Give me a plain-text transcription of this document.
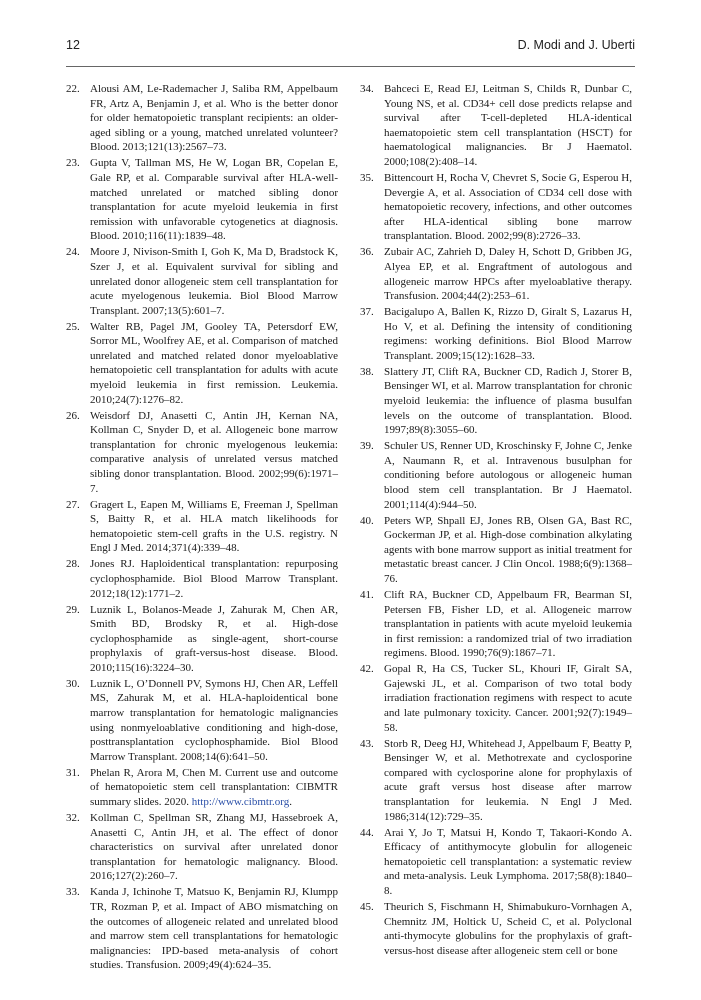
12	D. Modi and J. Uberti
22. Alousi AM, Le-Rademacher J, Saliba RM, Appelbaum FR, Artz A, Benjamin J, et al. Who is the better donor for older hematopoietic transplant recipients: an older-aged sibling or a young, matched unrelated volunteer? Blood. 2013;121(13):2567–73.
23. Gupta V, Tallman MS, He W, Logan BR, Copelan E, Gale RP, et al. Comparable survival after HLA-well-matched unrelated or matched sibling donor transplantation for acute myeloid leukemia in first remission with unfavorable cytogenetics at diagnosis. Blood. 2010;116(11):1839–48.
24. Moore J, Nivison-Smith I, Goh K, Ma D, Bradstock K, Szer J, et al. Equivalent survival for sibling and unrelated donor allogeneic stem cell transplantation for acute myelogenous leukemia. Biol Blood Marrow Transplant. 2007;13(5):601–7.
25. Walter RB, Pagel JM, Gooley TA, Petersdorf EW, Sorror ML, Woolfrey AE, et al. Comparison of matched unrelated and matched related donor myeloablative hematopoietic cell transplantation for adults with acute myeloid leukemia in first remission. Leukemia. 2010;24(7):1276–82.
26. Weisdorf DJ, Anasetti C, Antin JH, Kernan NA, Kollman C, Snyder D, et al. Allogeneic bone marrow transplantation for chronic myelogenous leukemia: comparative analysis of unrelated versus matched sibling donor transplantation. Blood. 2002;99(6):1971–7.
27. Gragert L, Eapen M, Williams E, Freeman J, Spellman S, Baitty R, et al. HLA match likelihoods for hematopoietic stem-cell grafts in the U.S. registry. N Engl J Med. 2014;371(4):339–48.
28. Jones RJ. Haploidentical transplantation: repurposing cyclophosphamide. Biol Blood Marrow Transplant. 2012;18(12):1771–2.
29. Luznik L, Bolanos-Meade J, Zahurak M, Chen AR, Smith BD, Brodsky R, et al. High-dose cyclophosphamide as single-agent, short-course prophylaxis of graft-versus-host disease. Blood. 2010;115(16):3224–30.
30. Luznik L, O’Donnell PV, Symons HJ, Chen AR, Leffell MS, Zahurak M, et al. HLA-haploidentical bone marrow transplantation for hematologic malignancies using nonmyeloablative conditioning and high-dose, posttransplantation cyclophosphamide. Biol Blood Marrow Transplant. 2008;14(6):641–50.
31. Phelan R, Arora M, Chen M. Current use and outcome of hematopoietic stem cell transplantation: CIBMTR summary slides. 2020. http://www.cibmtr.org.
32. Kollman C, Spellman SR, Zhang MJ, Hassebroek A, Anasetti C, Antin JH, et al. The effect of donor characteristics on survival after unrelated donor transplantation for hematologic malignancy. Blood. 2016;127(2):260–7.
33. Kanda J, Ichinohe T, Matsuo K, Benjamin RJ, Klumpp TR, Rozman P, et al. Impact of ABO mismatching on the outcomes of allogeneic related and unrelated blood and marrow stem cell transplantations for hematologic malignancies: IPD-based meta-analysis of cohort studies. Transfusion. 2009;49(4):624–35.
34. Bahceci E, Read EJ, Leitman S, Childs R, Dunbar C, Young NS, et al. CD34+ cell dose predicts relapse and survival after T-cell-depleted HLA-identical haematopoietic stem cell transplantation (HSCT) for haematological malignancies. Br J Haematol. 2000;108(2):408–14.
35. Bittencourt H, Rocha V, Chevret S, Socie G, Esperou H, Devergie A, et al. Association of CD34 cell dose with hematopoietic recovery, infections, and other outcomes after HLA-identical sibling bone marrow transplantation. Blood. 2002;99(8):2726–33.
36. Zubair AC, Zahrieh D, Daley H, Schott D, Gribben JG, Alyea EP, et al. Engraftment of autologous and allogeneic marrow HPCs after myeloablative therapy. Transfusion. 2004;44(2):253–61.
37. Bacigalupo A, Ballen K, Rizzo D, Giralt S, Lazarus H, Ho V, et al. Defining the intensity of conditioning regimens: working definitions. Biol Blood Marrow Transplant. 2009;15(12):1628–33.
38. Slattery JT, Clift RA, Buckner CD, Radich J, Storer B, Bensinger WI, et al. Marrow transplantation for chronic myeloid leukemia: the influence of plasma busulfan levels on the outcome of transplantation. Blood. 1997;89(8):3055–60.
39. Schuler US, Renner UD, Kroschinsky F, Johne C, Jenke A, Naumann R, et al. Intravenous busulphan for conditioning before autologous or allogeneic human blood stem cell transplantation. Br J Haematol. 2001;114(4):944–50.
40. Peters WP, Shpall EJ, Jones RB, Olsen GA, Bast RC, Gockerman JP, et al. High-dose combination alkylating agents with bone marrow support as initial treatment for metastatic breast cancer. J Clin Oncol. 1988;6(9):1368–76.
41. Clift RA, Buckner CD, Appelbaum FR, Bearman SI, Petersen FB, Fisher LD, et al. Allogeneic marrow transplantation in patients with acute myeloid leukemia in first remission: a randomized trial of two irradiation regimens. Blood. 1990;76(9):1867–71.
42. Gopal R, Ha CS, Tucker SL, Khouri IF, Giralt SA, Gajewski JL, et al. Comparison of two total body irradiation fractionation regimens with respect to acute and late pulmonary toxicity. Cancer. 2001;92(7):1949–58.
43. Storb R, Deeg HJ, Whitehead J, Appelbaum F, Beatty P, Bensinger W, et al. Methotrexate and cyclosporine compared with cyclosporine alone for prophylaxis of acute graft versus host disease after marrow transplantation for leukemia. N Engl J Med. 1986;314(12):729–35.
44. Arai Y, Jo T, Matsui H, Kondo T, Takaori-Kondo A. Efficacy of antithymocyte globulin for allogeneic hematopoietic cell transplantation: a systematic review and meta-analysis. Leuk Lymphoma. 2017;58(8):1840–8.
45. Theurich S, Fischmann H, Shimabukuro-Vornhagen A, Chemnitz JM, Holtick U, Scheid C, et al. Polyclonal anti-thymocyte globulins for the prophylaxis of graft-versus-host disease after allogeneic stem cell or bone
